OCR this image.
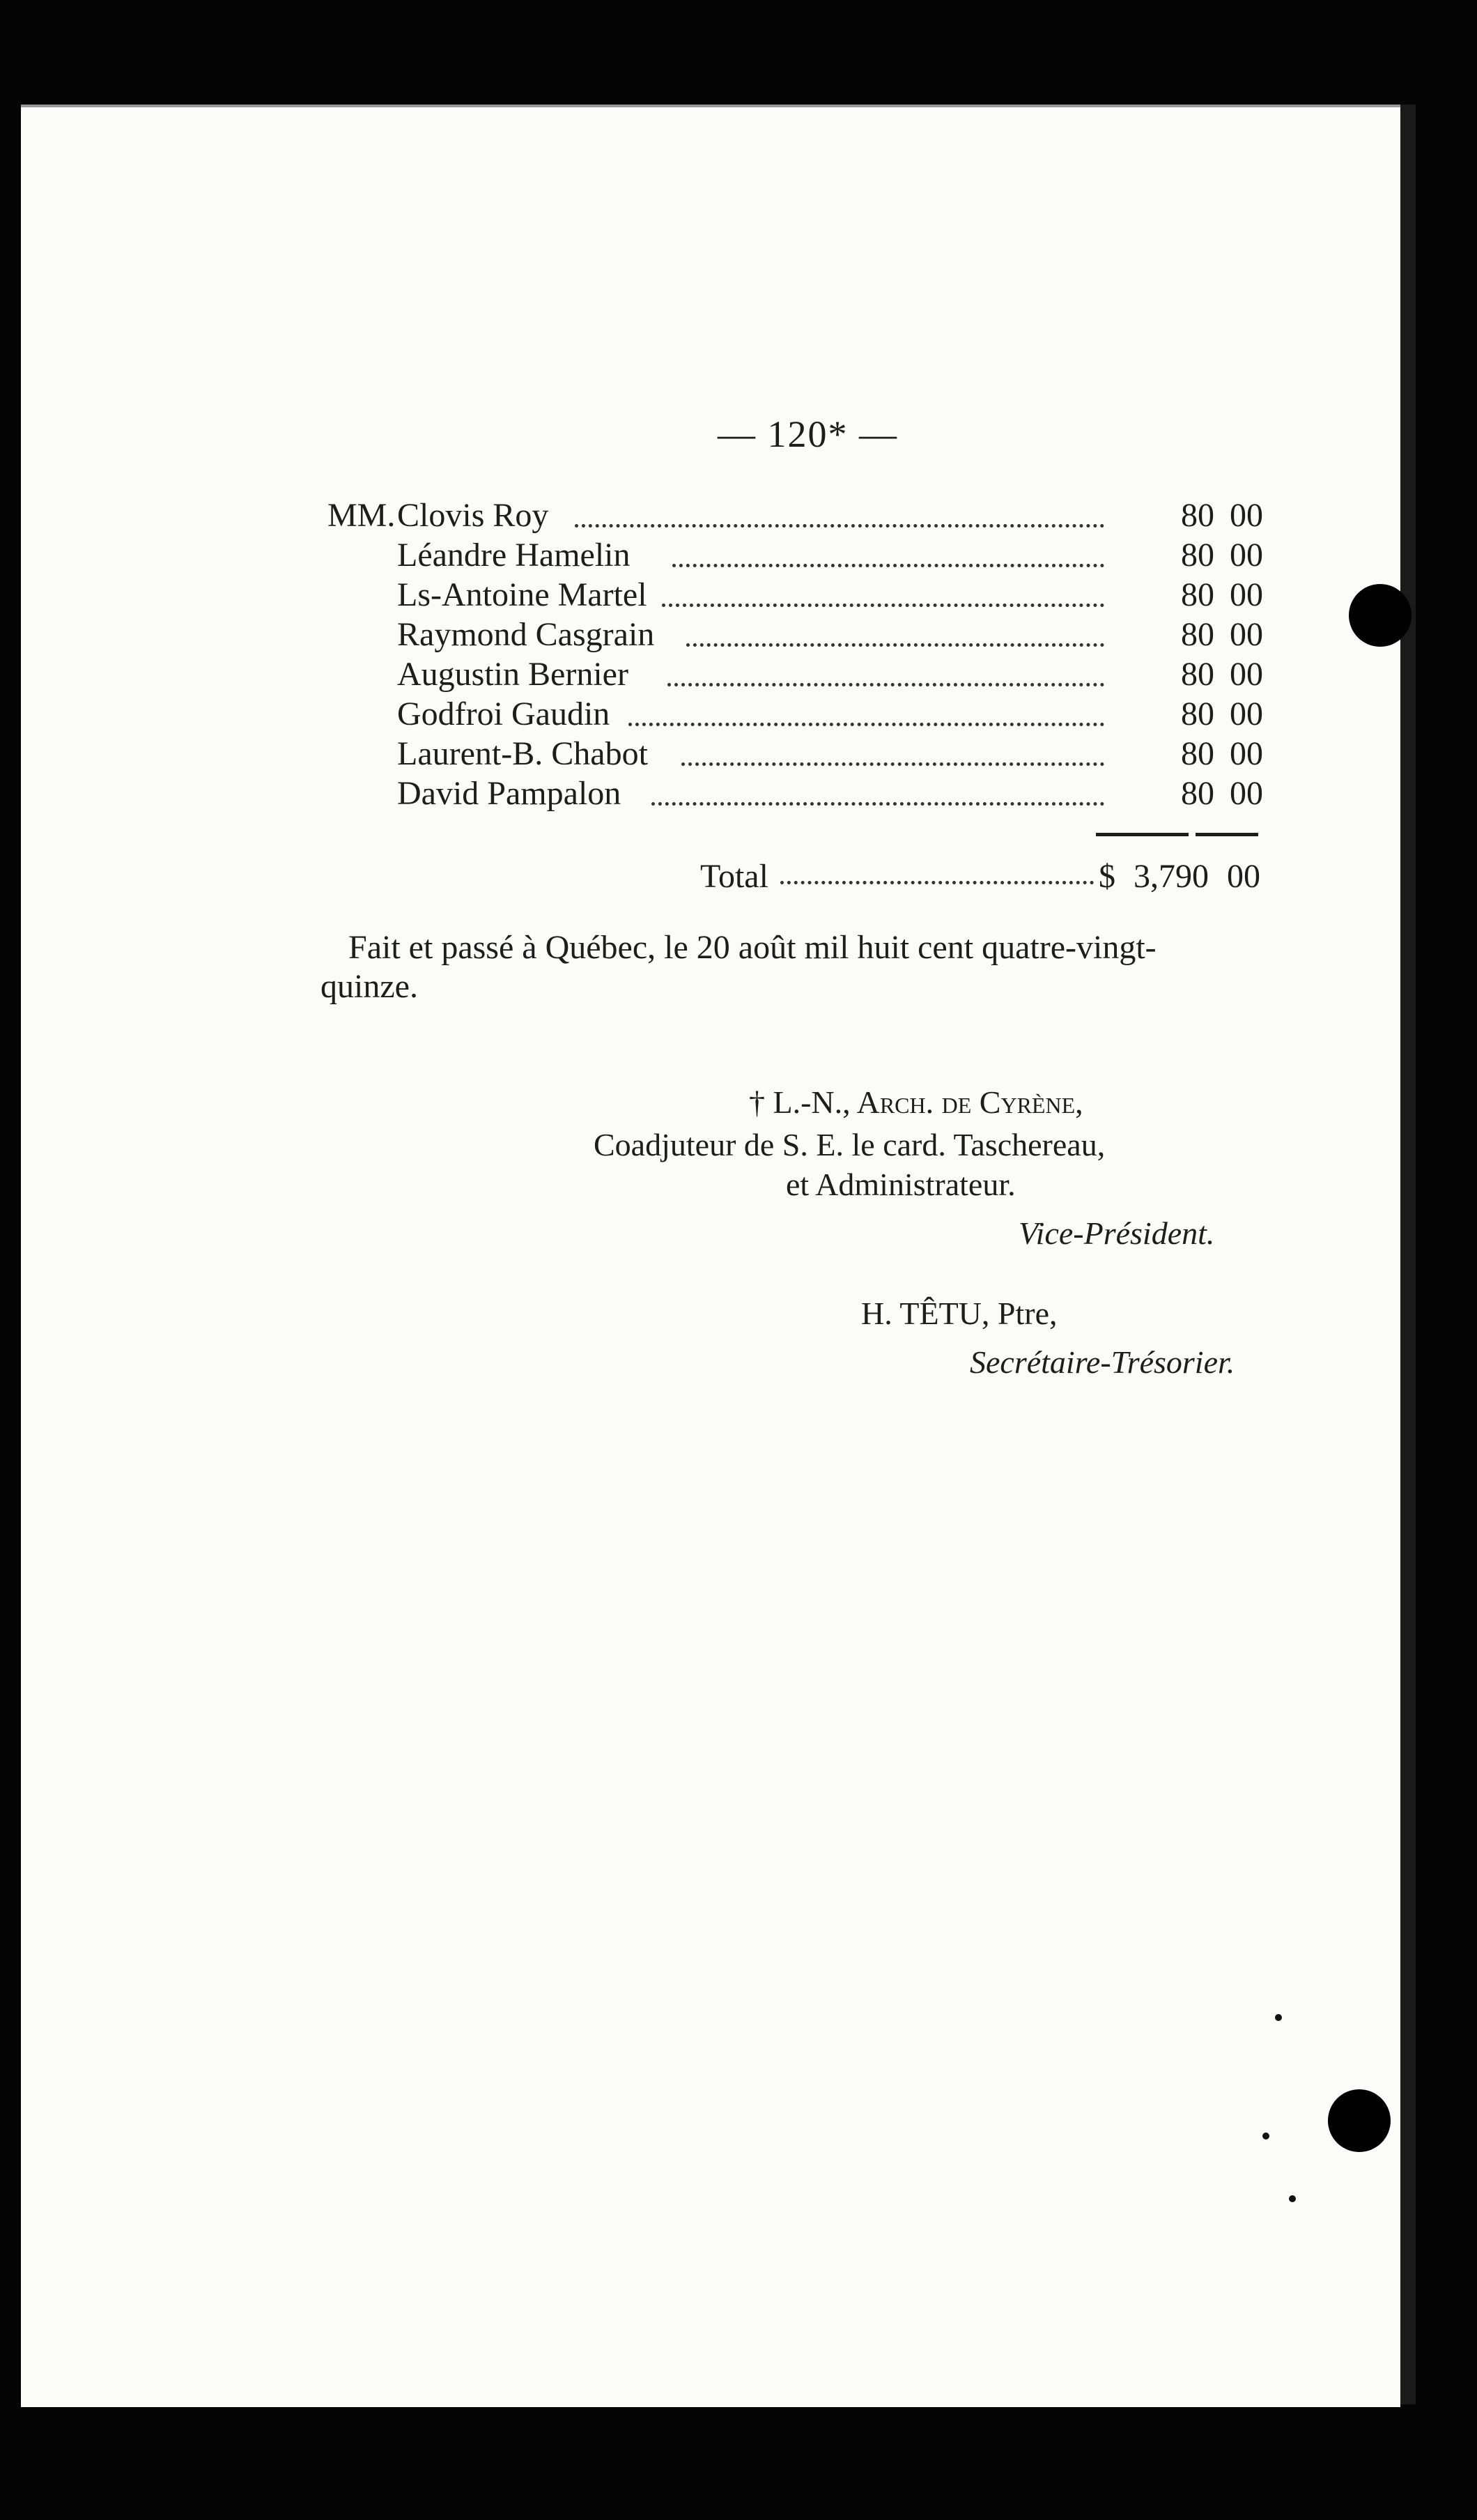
— 120* —
MM. Clovis Roy	80 00
Léandre Hamelin	80 00
Ls-Antoine Martel	80 00
Raymond Casgrain	80 00
Augustin Bernier	80 00
Godfroi Gaudin	80 00
Laurent-B. Chabot	80 00
David Pampalon	80 00
Total	$ 3,790 00
Fait et passé à Québec, le 20 août mil huit cent quatre-vingt-
quinze.
† L.-N., Arch. de Cyrène,
Coadjuteur de S. E. le card. Taschereau,
et Administrateur.
Vice-Président.
H. TÊTU, Ptre,
Secrétaire-Trésorier.
